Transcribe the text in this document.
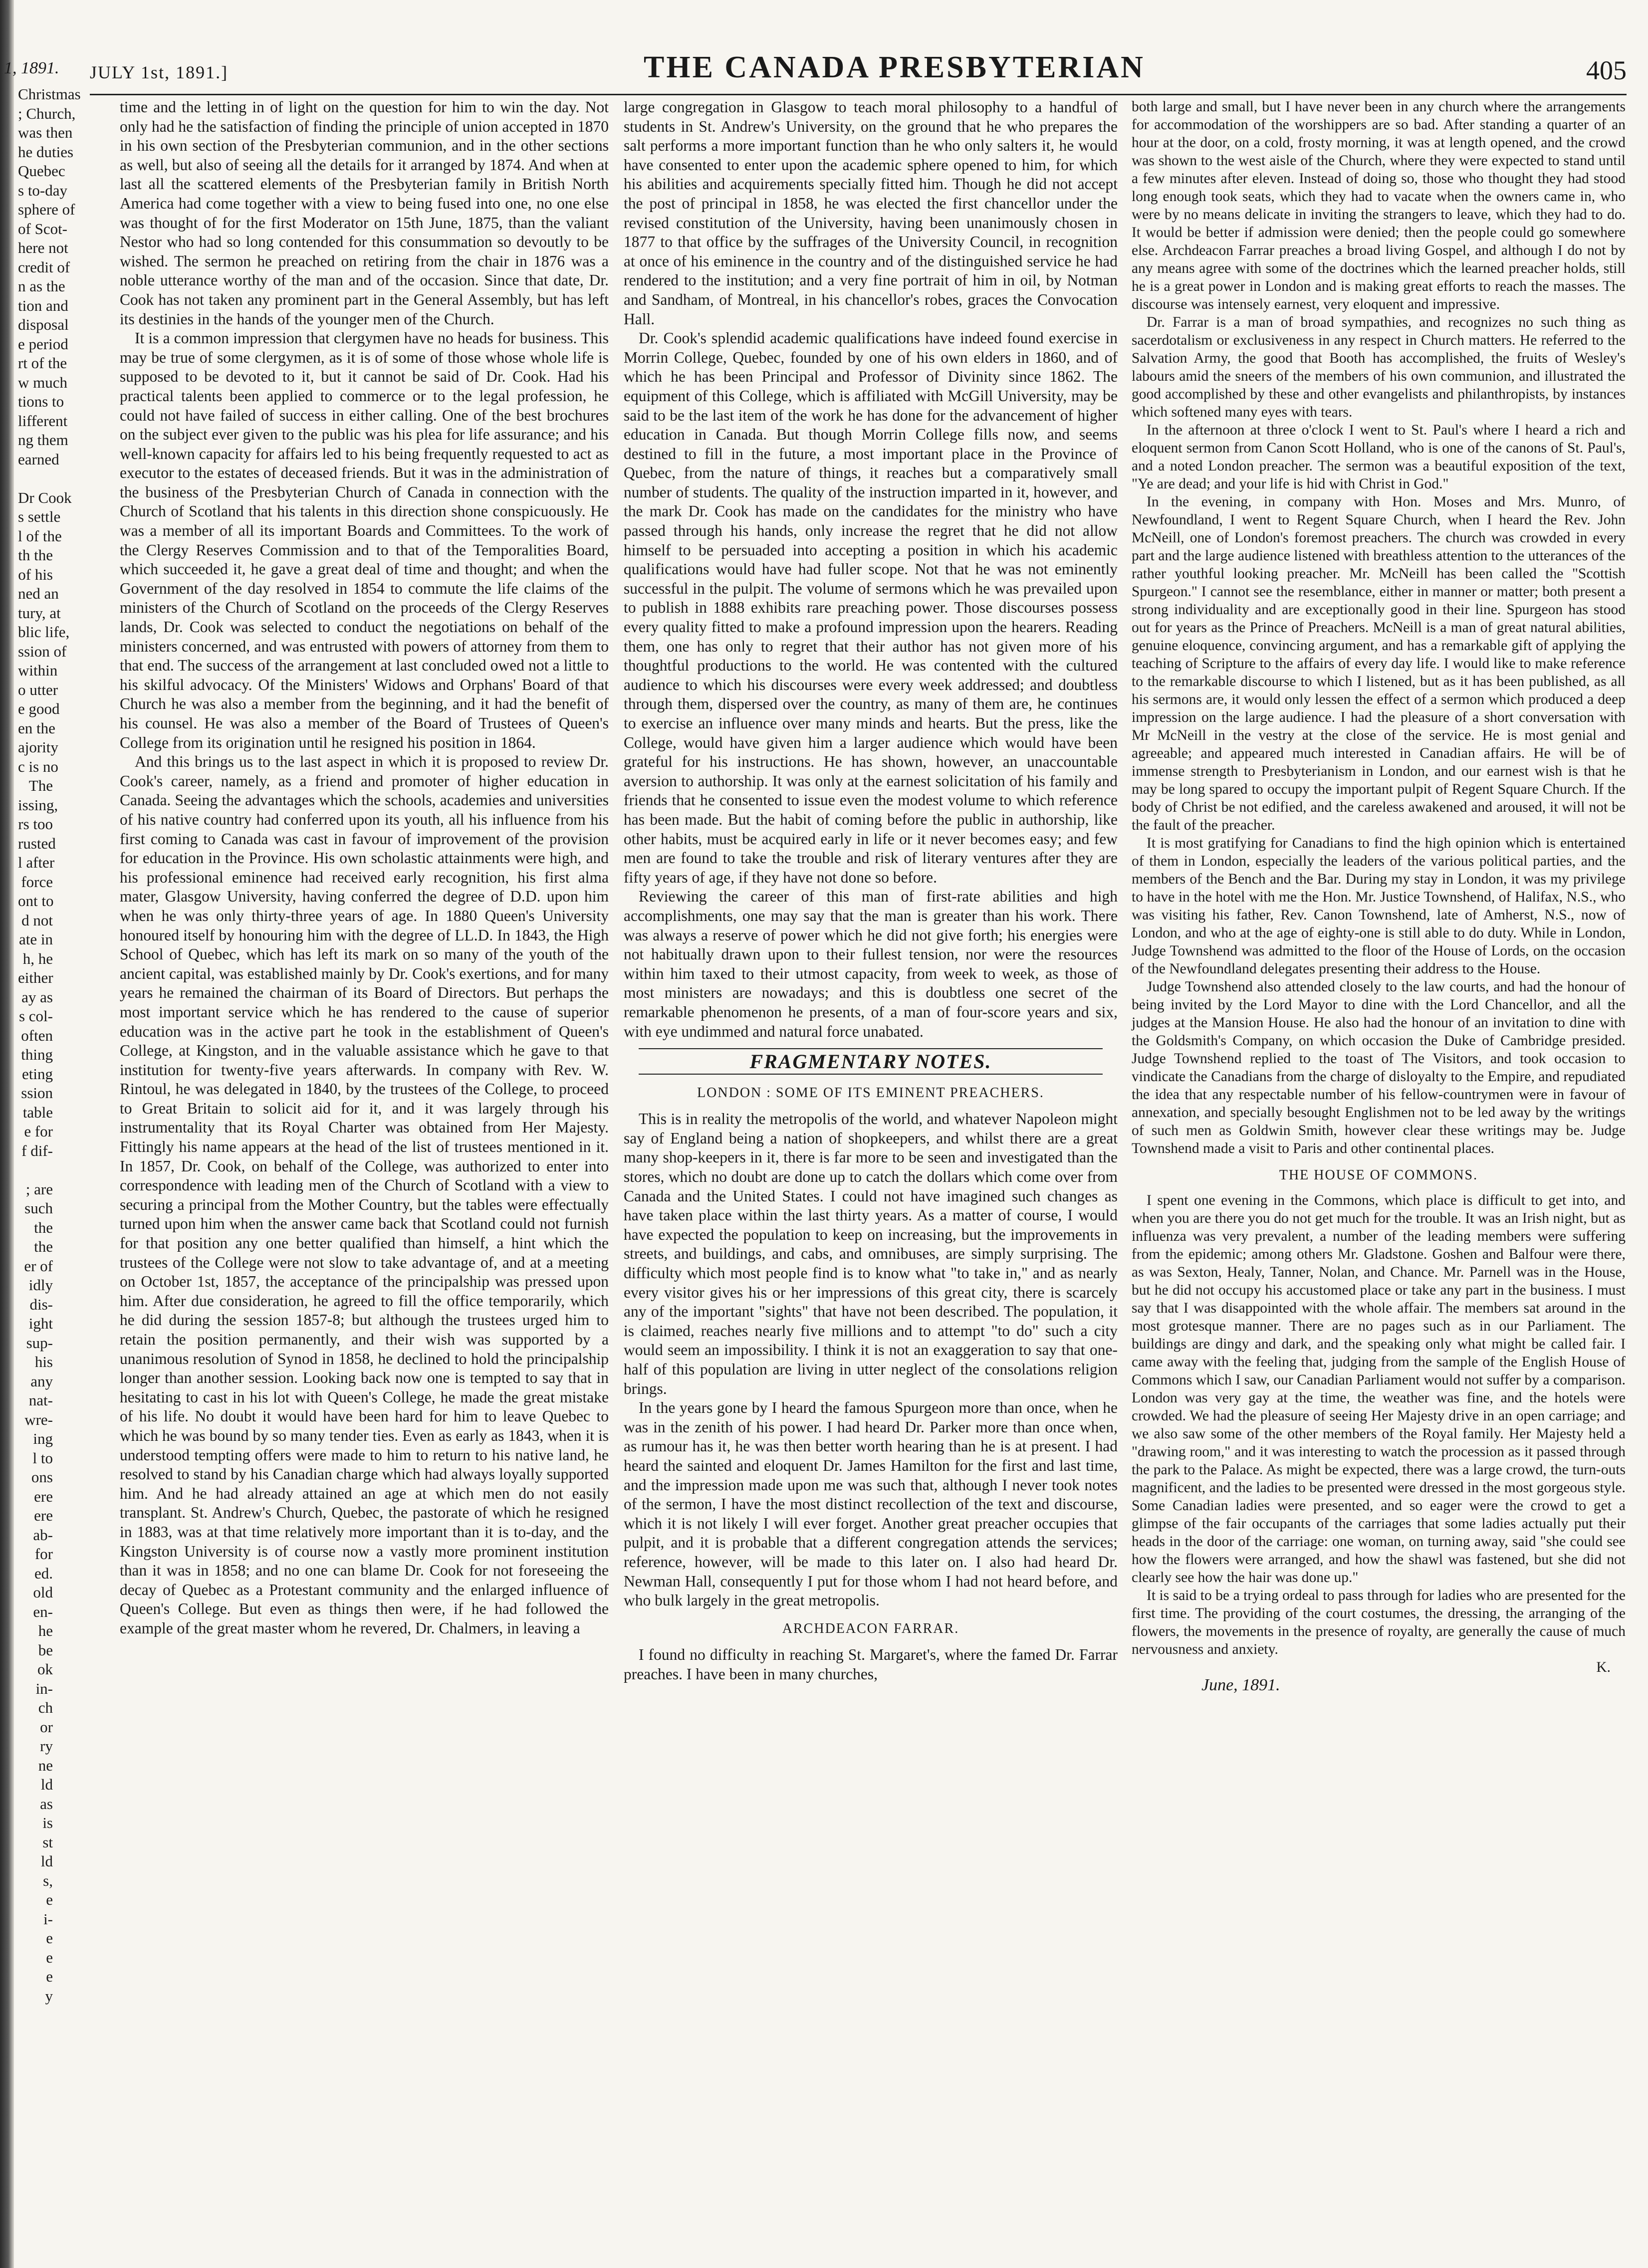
1, 1891.
Christmas
; Church,
was then
he duties
Quebec
s to-day
sphere of
of Scot-
here not
credit of
n as the
tion and
disposal
e period
rt of the
w much
tions to
lifferent
ng them
earned

Dr Cook
s settle
l of the
th the
of his
ned an
tury, at
blic life,
ssion of
within
o utter
e good
en the
ajority
c is no
The
issing,
rs too
rusted
l after
force
ont to
d not
ate in
h, he
either
ay as
s col-
often
thing
eting
ssion
table
e for
f dif-

; are
such
the
the
er of
idly
dis-
ight
sup-
his
any
nat-
wre-
ing
l to
ons
ere
ere
ab-
for
ed.
old
en-
he
be
ok
in-
ch
or
ry
ne
ld
as
is
st
ld
s,
e
i-
e
e
e
y
JULY 1st, 1891.]	THE CANADA PRESBYTERIAN	405

time and the letting in of light on the question for him to win the day. Not only had he the satisfaction of finding the principle of union accepted in 1870 in his own section of the Presbyterian communion, and in the other sections as well, but also of seeing all the details for it arranged by 1874. And when at last all the scattered elements of the Presbyterian family in British North America had come together with a view to being fused into one, no one else was thought of for the first Moderator on 15th June, 1875, than the valiant Nestor who had so long contended for this consummation so devoutly to be wished. The sermon he preached on retiring from the chair in 1876 was a noble utterance worthy of the man and of the occasion. Since that date, Dr. Cook has not taken any prominent part in the General Assembly, but has left its destinies in the hands of the younger men of the Church.

It is a common impression that clergymen have no heads for business. This may be true of some clergymen, as it is of some of those whose whole life is supposed to be devoted to it, but it cannot be said of Dr. Cook. Had his practical talents been applied to commerce or to the legal profession, he could not have failed of success in either calling. One of the best brochures on the subject ever given to the public was his plea for life assurance; and his well-known capacity for affairs led to his being frequently requested to act as executor to the estates of deceased friends. But it was in the administration of the business of the Presbyterian Church of Canada in connection with the Church of Scotland that his talents in this direction shone conspicuously. He was a member of all its important Boards and Committees. To the work of the Clergy Reserves Commission and to that of the Temporalities Board, which succeeded it, he gave a great deal of time and thought; and when the Government of the day resolved in 1854 to commute the life claims of the ministers of the Church of Scotland on the proceeds of the Clergy Reserves lands, Dr. Cook was selected to conduct the negotiations on behalf of the ministers concerned, and was entrusted with powers of attorney from them to that end. The success of the arrangement at last concluded owed not a little to his skilful advocacy. Of the Ministers' Widows and Orphans' Board of that Church he was also a member from the beginning, and it had the benefit of his counsel. He was also a member of the Board of Trustees of Queen's College from its origination until he resigned his position in 1864.

And this brings us to the last aspect in which it is proposed to review Dr. Cook's career, namely, as a friend and promoter of higher education in Canada. Seeing the advantages which the schools, academies and universities of his native country had conferred upon its youth, all his influence from his first coming to Canada was cast in favour of improvement of the provision for education in the Province. His own scholastic attainments were high, and his professional eminence had received early recognition, his first alma mater, Glasgow University, having conferred the degree of D.D. upon him when he was only thirty-three years of age. In 1880 Queen's University honoured itself by honouring him with the degree of LL.D. In 1843, the High School of Quebec, which has left its mark on so many of the youth of the ancient capital, was established mainly by Dr. Cook's exertions, and for many years he remained the chairman of its Board of Directors. But perhaps the most important service which he has rendered to the cause of superior education was in the active part he took in the establishment of Queen's College, at Kingston, and in the valuable assistance which he gave to that institution for twenty-five years afterwards. In company with Rev. W. Rintoul, he was delegated in 1840, by the trustees of the College, to proceed to Great Britain to solicit aid for it, and it was largely through his instrumentality that its Royal Charter was obtained from Her Majesty. Fittingly his name appears at the head of the list of trustees mentioned in it. In 1857, Dr. Cook, on behalf of the College, was authorized to enter into correspondence with leading men of the Church of Scotland with a view to securing a principal from the Mother Country, but the tables were effectually turned upon him when the answer came back that Scotland could not furnish for that position any one better qualified than himself, a hint which the trustees of the College were not slow to take advantage of, and at a meeting on October 1st, 1857, the acceptance of the principalship was pressed upon him. After due consideration, he agreed to fill the office temporarily, which he did during the session 1857-8; but although the trustees urged him to retain the position permanently, and their wish was supported by a unanimous resolution of Synod in 1858, he declined to hold the principalship longer than another session. Looking back now one is tempted to say that in hesitating to cast in his lot with Queen's College, he made the great mistake of his life. No doubt it would have been hard for him to leave Quebec to which he was bound by so many tender ties. Even as early as 1843, when it is understood tempting offers were made to him to return to his native land, he resolved to stand by his Canadian charge which had always loyally supported him. And he had already attained an age at which men do not easily transplant. St. Andrew's Church, Quebec, the pastorate of which he resigned in 1883, was at that time relatively more important than it is to-day, and the Kingston University is of course now a vastly more prominent institution than it was in 1858; and no one can blame Dr. Cook for not foreseeing the decay of Quebec as a Protestant community and the enlarged influence of Queen's College. But even as things then were, if he had followed the example of the great master whom he revered, Dr. Chalmers, in leaving a

large congregation in Glasgow to teach moral philosophy to a handful of students in St. Andrew's University, on the ground that he who prepares the salt performs a more important function than he who only salters it, he would have consented to enter upon the academic sphere opened to him, for which his abilities and acquirements specially fitted him. Though he did not accept the post of principal in 1858, he was elected the first chancellor under the revised constitution of the University, having been unanimously chosen in 1877 to that office by the suffrages of the University Council, in recognition at once of his eminence in the country and of the distinguished service he had rendered to the institution; and a very fine portrait of him in oil, by Notman and Sandham, of Montreal, in his chancellor's robes, graces the Convocation Hall.

Dr. Cook's splendid academic qualifications have indeed found exercise in Morrin College, Quebec, founded by one of his own elders in 1860, and of which he has been Principal and Professor of Divinity since 1862. The equipment of this College, which is affiliated with McGill University, may be said to be the last item of the work he has done for the advancement of higher education in Canada. But though Morrin College fills now, and seems destined to fill in the future, a most important place in the Province of Quebec, from the nature of things, it reaches but a comparatively small number of students. The quality of the instruction imparted in it, however, and the mark Dr. Cook has made on the candidates for the ministry who have passed through his hands, only increase the regret that he did not allow himself to be persuaded into accepting a position in which his academic qualifications would have had fuller scope. Not that he was not eminently successful in the pulpit. The volume of sermons which he was prevailed upon to publish in 1888 exhibits rare preaching power. Those discourses possess every quality fitted to make a profound impression upon the hearers. Reading them, one has only to regret that their author has not given more of his thoughtful productions to the world. He was contented with the cultured audience to which his discourses were every week addressed; and doubtless through them, dispersed over the country, as many of them are, he continues to exercise an influence over many minds and hearts. But the press, like the College, would have given him a larger audience which would have been grateful for his instructions. He has shown, however, an unaccountable aversion to authorship. It was only at the earnest solicitation of his family and friends that he consented to issue even the modest volume to which reference has been made. But the habit of coming before the public in authorship, like other habits, must be acquired early in life or it never becomes easy; and few men are found to take the trouble and risk of literary ventures after they are fifty years of age, if they have not done so before.

Reviewing the career of this man of first-rate abilities and high accomplishments, one may say that the man is greater than his work. There was always a reserve of power which he did not give forth; his energies were not habitually drawn upon to their fullest tension, nor were the resources within him taxed to their utmost capacity, from week to week, as those of most ministers are nowadays; and this is doubtless one secret of the remarkable phenomenon he presents, of a man of four-score years and six, with eye undimmed and natural force unabated.

FRAGMENTARY NOTES.
LONDON : SOME OF ITS EMINENT PREACHERS.

This is in reality the metropolis of the world, and whatever Napoleon might say of England being a nation of shopkeepers, and whilst there are a great many shop-keepers in it, there is far more to be seen and investigated than the stores, which no doubt are done up to catch the dollars which come over from Canada and the United States. I could not have imagined such changes as have taken place within the last thirty years. As a matter of course, I would have expected the population to keep on increasing, but the improvements in streets, and buildings, and cabs, and omnibuses, are simply surprising. The difficulty which most people find is to know what "to take in," and as nearly every visitor gives his or her impressions of this great city, there is scarcely any of the important "sights" that have not been described. The population, it is claimed, reaches nearly five millions and to attempt "to do" such a city would seem an impossibility. I think it is not an exaggeration to say that one-half of this population are living in utter neglect of the consolations religion brings.

In the years gone by I heard the famous Spurgeon more than once, when he was in the zenith of his power. I had heard Dr. Parker more than once when, as rumour has it, he was then better worth hearing than he is at present. I had heard the sainted and eloquent Dr. James Hamilton for the first and last time, and the impression made upon me was such that, although I never took notes of the sermon, I have the most distinct recollection of the text and discourse, which it is not likely I will ever forget. Another great preacher occupies that pulpit, and it is probable that a different congregation attends the services; reference, however, will be made to this later on. I also had heard Dr. Newman Hall, consequently I put for those whom I had not heard before, and who bulk largely in the great metropolis.

ARCHDEACON FARRAR.

I found no difficulty in reaching St. Margaret's, where the famed Dr. Farrar preaches. I have been in many churches,

both large and small, but I have never been in any church where the arrangements for accommodation of the worshippers are so bad. After standing a quarter of an hour at the door, on a cold, frosty morning, it was at length opened, and the crowd was shown to the west aisle of the Church, where they were expected to stand until a few minutes after eleven. Instead of doing so, those who thought they had stood long enough took seats, which they had to vacate when the owners came in, who were by no means delicate in inviting the strangers to leave, which they had to do. It would be better if admission were denied; then the people could go somewhere else. Archdeacon Farrar preaches a broad living Gospel, and although I do not by any means agree with some of the doctrines which the learned preacher holds, still he is a great power in London and is making great efforts to reach the masses. The discourse was intensely earnest, very eloquent and impressive.

Dr. Farrar is a man of broad sympathies, and recognizes no such thing as sacerdotalism or exclusiveness in any respect in Church matters. He referred to the Salvation Army, the good that Booth has accomplished, the fruits of Wesley's labours amid the sneers of the members of his own communion, and illustrated the good accomplished by these and other evangelists and philanthropists, by instances which softened many eyes with tears.

In the afternoon at three o'clock I went to St. Paul's where I heard a rich and eloquent sermon from Canon Scott Holland, who is one of the canons of St. Paul's, and a noted London preacher. The sermon was a beautiful exposition of the text, "Ye are dead; and your life is hid with Christ in God."

In the evening, in company with Hon. Moses and Mrs. Munro, of Newfoundland, I went to Regent Square Church, when I heard the Rev. John McNeill, one of London's foremost preachers. The church was crowded in every part and the large audience listened with breathless attention to the utterances of the rather youthful looking preacher. Mr. McNeill has been called the "Scottish Spurgeon." I cannot see the resemblance, either in manner or matter; both present a strong individuality and are exceptionally good in their line. Spurgeon has stood out for years as the Prince of Preachers. McNeill is a man of great natural abilities, genuine eloquence, convincing argument, and has a remarkable gift of applying the teaching of Scripture to the affairs of every day life. I would like to make reference to the remarkable discourse to which I listened, but as it has been published, as all his sermons are, it would only lessen the effect of a sermon which produced a deep impression on the large audience. I had the pleasure of a short conversation with Mr McNeill in the vestry at the close of the service. He is most genial and agreeable; and appeared much interested in Canadian affairs. He will be of immense strength to Presbyterianism in London, and our earnest wish is that he may be long spared to occupy the important pulpit of Regent Square Church. If the body of Christ be not edified, and the careless awakened and aroused, it will not be the fault of the preacher.

It is most gratifying for Canadians to find the high opinion which is entertained of them in London, especially the leaders of the various political parties, and the members of the Bench and the Bar. During my stay in London, it was my privilege to have in the hotel with me the Hon. Mr. Justice Townshend, of Halifax, N.S., who was visiting his father, Rev. Canon Townshend, late of Amherst, N.S., now of London, and who at the age of eighty-one is still able to do duty. While in London, Judge Townshend was admitted to the floor of the House of Lords, on the occasion of the Newfoundland delegates presenting their address to the House.

Judge Townshend also attended closely to the law courts, and had the honour of being invited by the Lord Mayor to dine with the Lord Chancellor, and all the judges at the Mansion House. He also had the honour of an invitation to dine with the Goldsmith's Company, on which occasion the Duke of Cambridge presided. Judge Townshend replied to the toast of The Visitors, and took occasion to vindicate the Canadians from the charge of disloyalty to the Empire, and repudiated the idea that any respectable number of his fellow-countrymen were in favour of annexation, and specially besought Englishmen not to be led away by the writings of such men as Goldwin Smith, however clear these writings may be. Judge Townshend made a visit to Paris and other continental places.

THE HOUSE OF COMMONS.

I spent one evening in the Commons, which place is difficult to get into, and when you are there you do not get much for the trouble. It was an Irish night, but as influenza was very prevalent, a number of the leading members were suffering from the epidemic; among others Mr. Gladstone. Goshen and Balfour were there, as was Sexton, Healy, Tanner, Nolan, and Chance. Mr. Parnell was in the House, but he did not occupy his accustomed place or take any part in the business. I must say that I was disappointed with the whole affair. The members sat around in the most grotesque manner. There are no pages such as in our Parliament. The buildings are dingy and dark, and the speaking only what might be called fair. I came away with the feeling that, judging from the sample of the English House of Commons which I saw, our Canadian Parliament would not suffer by a comparison. London was very gay at the time, the weather was fine, and the hotels were crowded. We had the pleasure of seeing Her Majesty drive in an open carriage; and we also saw some of the other members of the Royal family. Her Majesty held a "drawing room," and it was interesting to watch the procession as it passed through the park to the Palace. As might be expected, there was a large crowd, the turn-outs magnificent, and the ladies to be presented were dressed in the most gorgeous style. Some Canadian ladies were presented, and so eager were the crowd to get a glimpse of the fair occupants of the carriages that some ladies actually put their heads in the door of the carriage: one woman, on turning away, said "she could see how the flowers were arranged, and how the shawl was fastened, but she did not clearly see how the hair was done up."

It is said to be a trying ordeal to pass through for ladies who are presented for the first time. The providing of the court costumes, the dressing, the arranging of the flowers, the movements in the presence of royalty, are generally the cause of much nervousness and anxiety.

K.
June, 1891.
